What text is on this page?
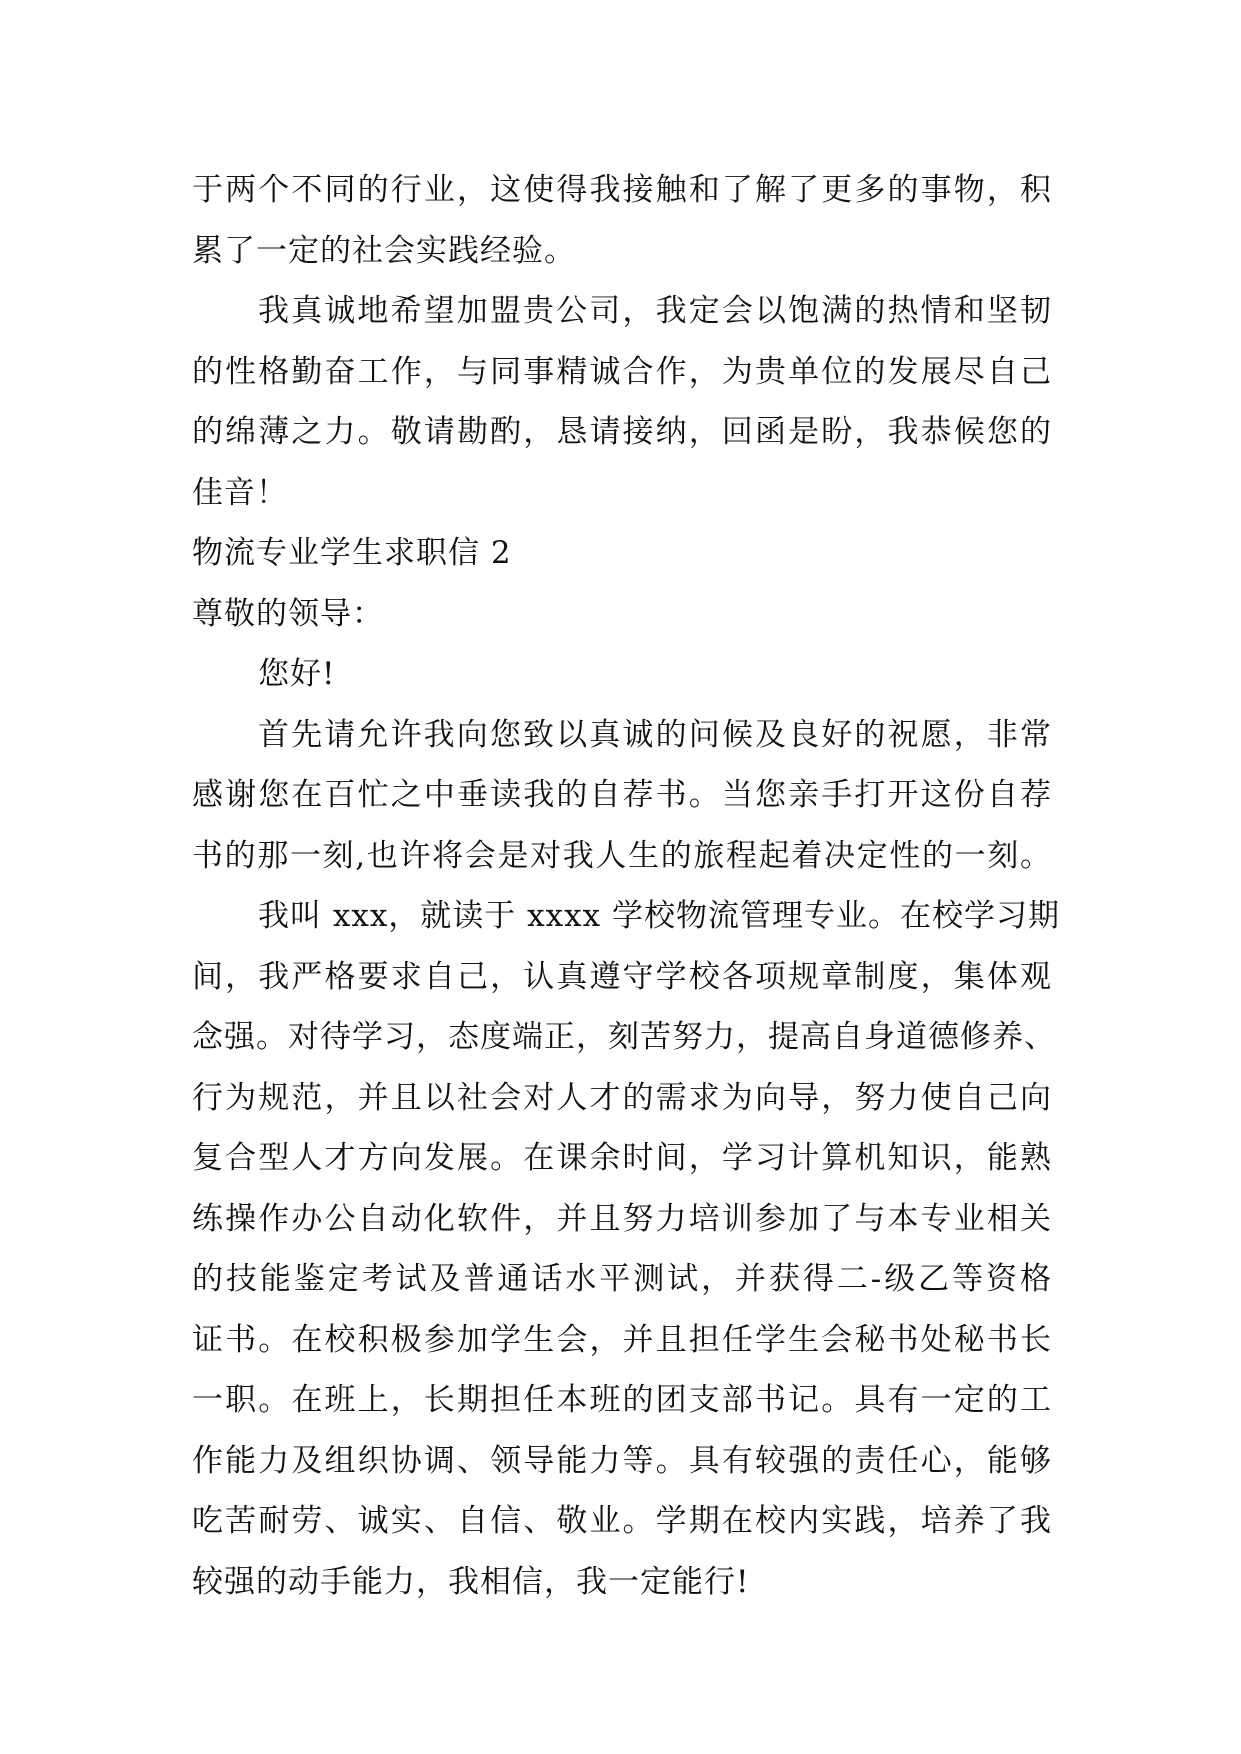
于两个不同的行业，这使得我接触和了解了更多的事物，积

累了一定的社会实践经验。

我真诚地希望加盟贵公司，我定会以饱满的热情和坚韧

的性格勤奋工作，与同事精诚合作，为贵单位的发展尽自己

的绵薄之力。敬请勘酌，恳请接纳，回函是盼，我恭候您的

佳音！

物流专业学生求职信 2

尊敬的领导：

您好!

首先请允许我向您致以真诚的问候及良好的祝愿，非常

感谢您在百忙之中垂读我的自荐书。当您亲手打开这份自荐

书的那一刻,也许将会是对我人生的旅程起着决定性的一刻。

我叫 xxx，就读于 xxxx 学校物流管理专业。在校学习期

间，我严格要求自己，认真遵守学校各项规章制度，集体观

念强。对待学习，态度端正，刻苦努力，提高自身道德修养、

行为规范，并且以社会对人才的需求为向导，努力使自己向

复合型人才方向发展。在课余时间，学习计算机知识，能熟

练操作办公自动化软件，并且努力培训参加了与本专业相关

的技能鉴定考试及普通话水平测试，并获得二-级乙等资格

证书。在校积极参加学生会，并且担任学生会秘书处秘书长

一职。在班上，长期担任本班的团支部书记。具有一定的工

作能力及组织协调、领导能力等。具有较强的责任心，能够

吃苦耐劳、诚实、自信、敬业。学期在校内实践，培养了我

较强的动手能力，我相信，我一定能行!
